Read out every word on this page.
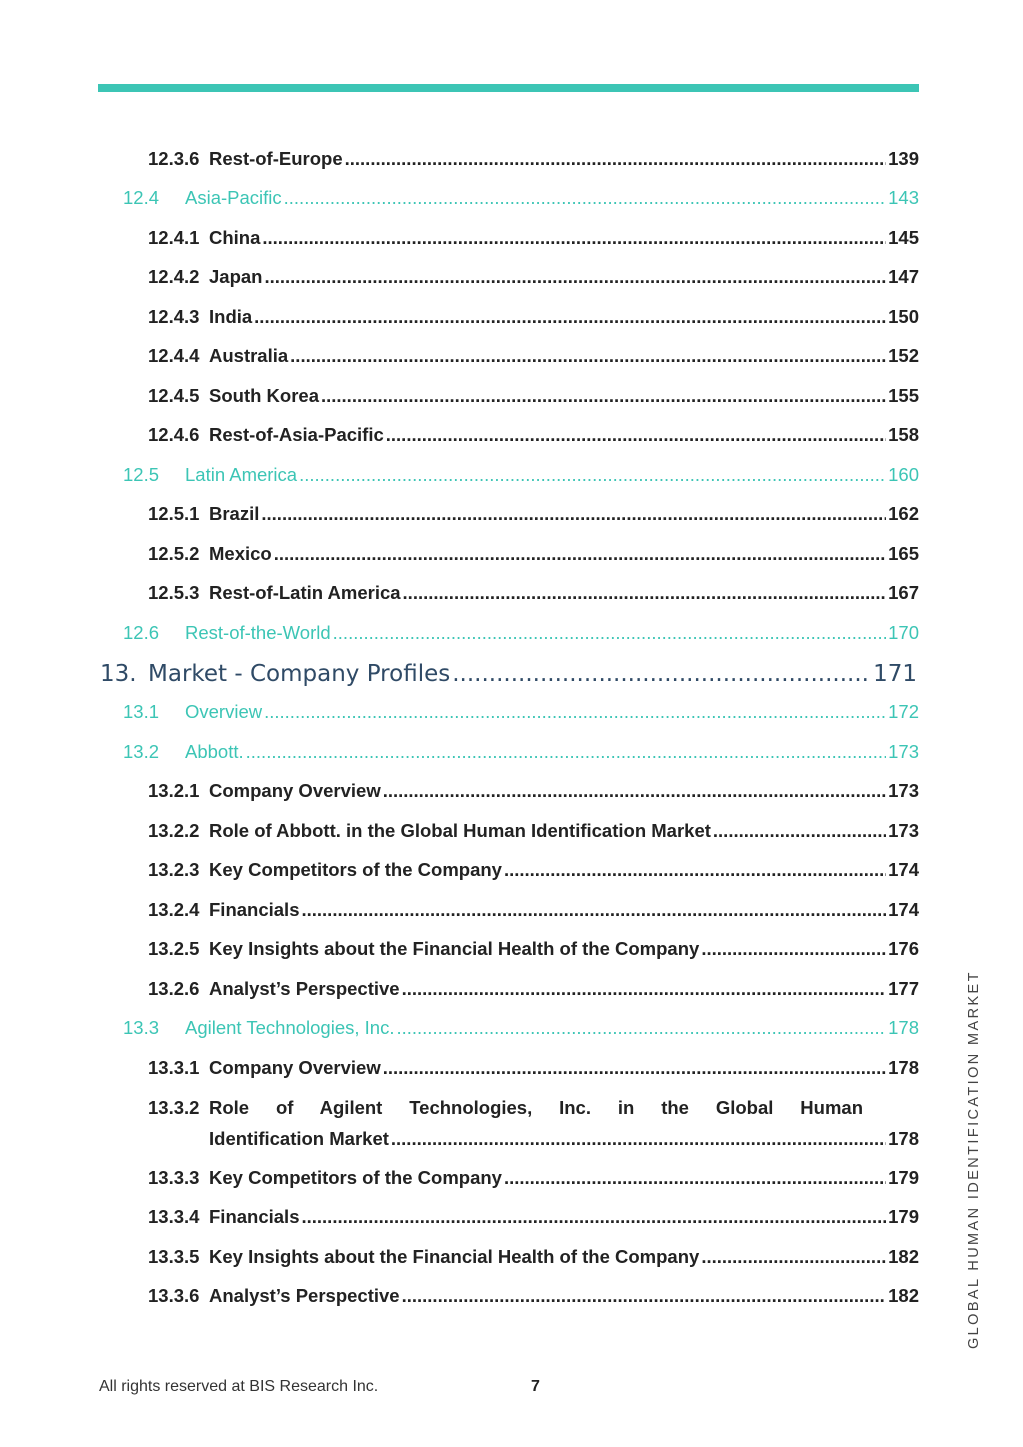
12.3.6 Rest-of-Europe .....	139
12.4 Asia-Pacific .....	143
12.4.1 China .....	145
12.4.2 Japan .....	147
12.4.3 India .....	150
12.4.4 Australia .....	152
12.4.5 South Korea .....	155
12.4.6 Rest-of-Asia-Pacific .....	158
12.5 Latin America .....	160
12.5.1 Brazil .....	162
12.5.2 Mexico .....	165
12.5.3 Rest-of-Latin America .....	167
12.6 Rest-of-the-World .....	170
13. Market - Company Profiles .....	171
13.1 Overview .....	172
13.2 Abbott. .....	173
13.2.1 Company Overview .....	173
13.2.2 Role of Abbott. in the Global Human Identification Market .....	173
13.2.3 Key Competitors of the Company .....	174
13.2.4 Financials .....	174
13.2.5 Key Insights about the Financial Health of the Company .....	176
13.2.6 Analyst’s Perspective .....	177
13.3 Agilent Technologies, Inc. .....	178
13.3.1 Company Overview .....	178
13.3.2 Role of Agilent Technologies, Inc. in the Global Human
Identification Market .....	178
13.3.3 Key Competitors of the Company .....	179
13.3.4 Financials .....	179
13.3.5 Key Insights about the Financial Health of the Company .....	182
13.3.6 Analyst’s Perspective .....	182
All rights reserved at BIS Research Inc.	7
GLOBAL HUMAN IDENTIFICATION MARKET
